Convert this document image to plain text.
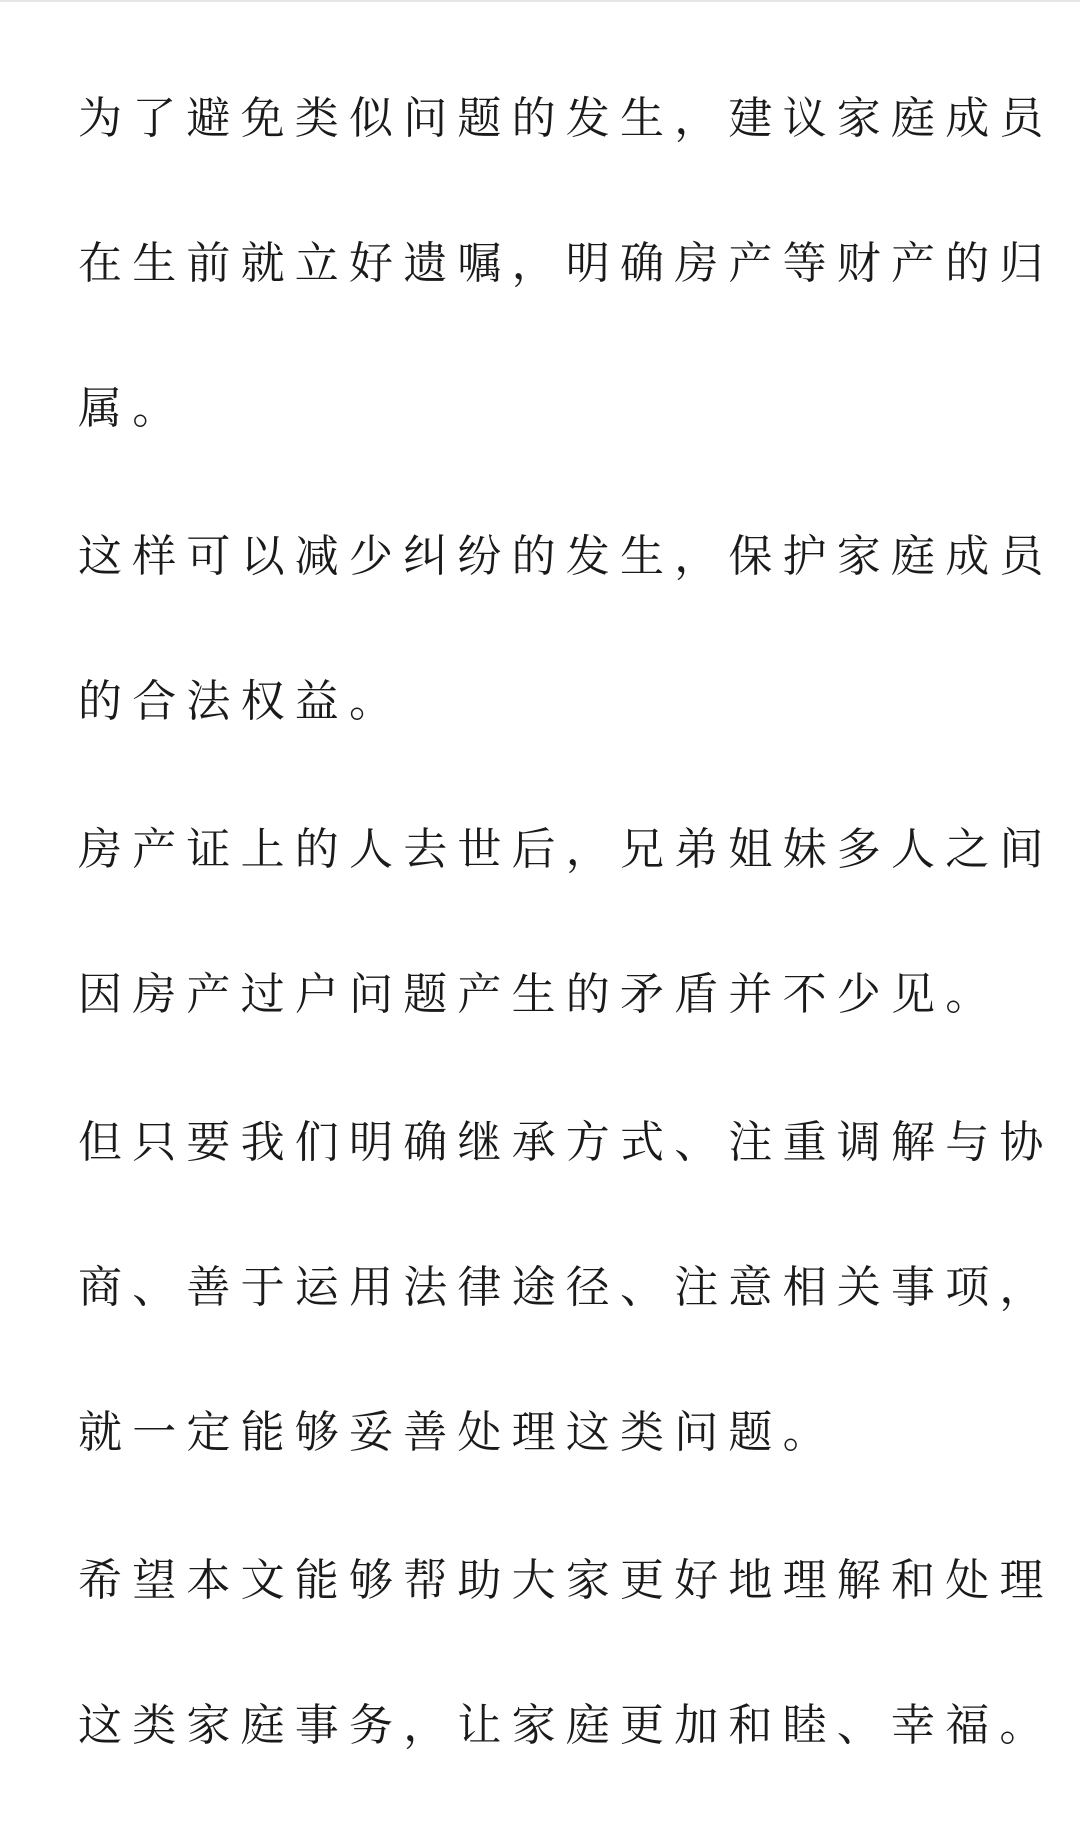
为了避免类似问题的发生，建议家庭成员
在生前就立好遗嘱，明确房产等财产的归
属。

这样可以减少纠纷的发生，保护家庭成员
的合法权益。

房产证上的人去世后，兄弟姐妹多人之间
因房产过户问题产生的矛盾并不少见。

但只要我们明确继承方式、注重调解与协
商、善于运用法律途径、注意相关事项，
就一定能够妥善处理这类问题。

希望本文能够帮助大家更好地理解和处理
这类家庭事务，让家庭更加和睦、幸福。
